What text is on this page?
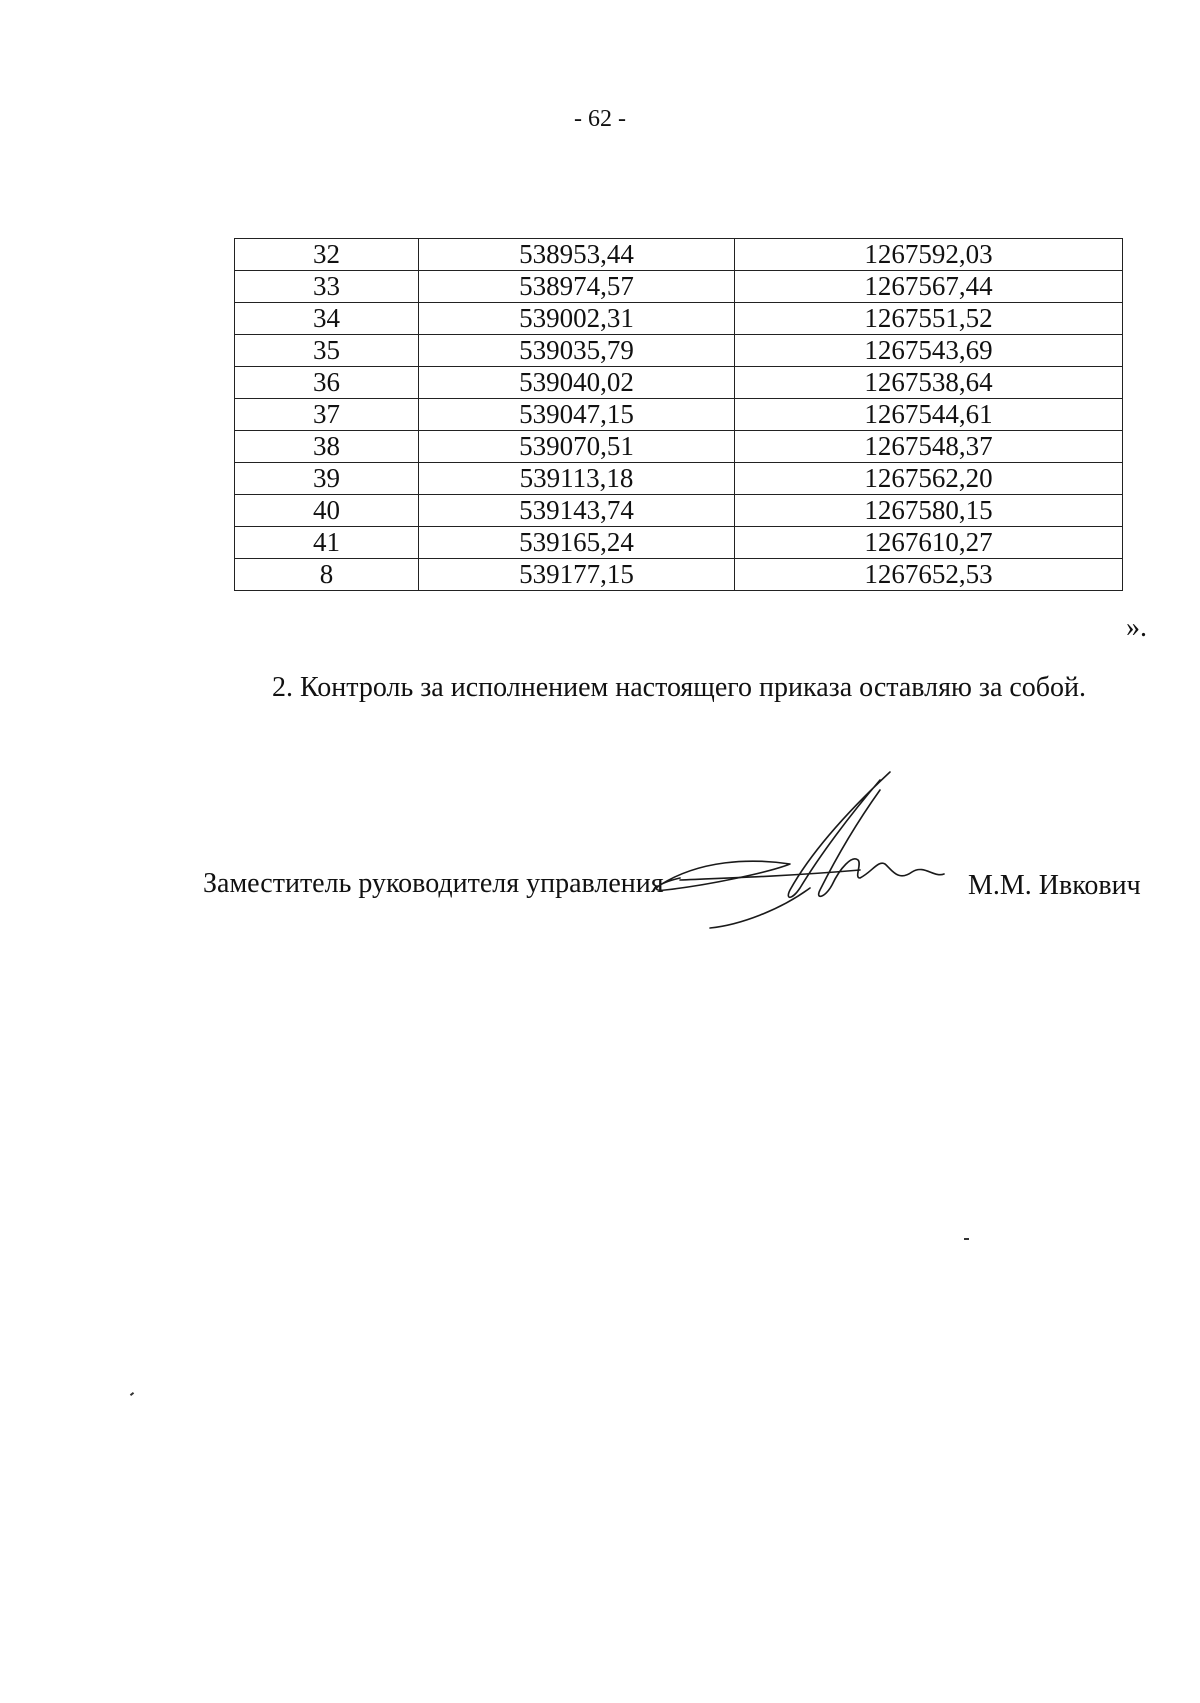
- 62 -
32	538953,44	1267592,03
33	538974,57	1267567,44
34	539002,31	1267551,52
35	539035,79	1267543,69
36	539040,02	1267538,64
37	539047,15	1267544,61
38	539070,51	1267548,37
39	539113,18	1267562,20
40	539143,74	1267580,15
41	539165,24	1267610,27
8	539177,15	1267652,53
».
2. Контроль за исполнением настоящего приказа оставляю за собой.
Заместитель руководителя управления	М.М. Ивкович
